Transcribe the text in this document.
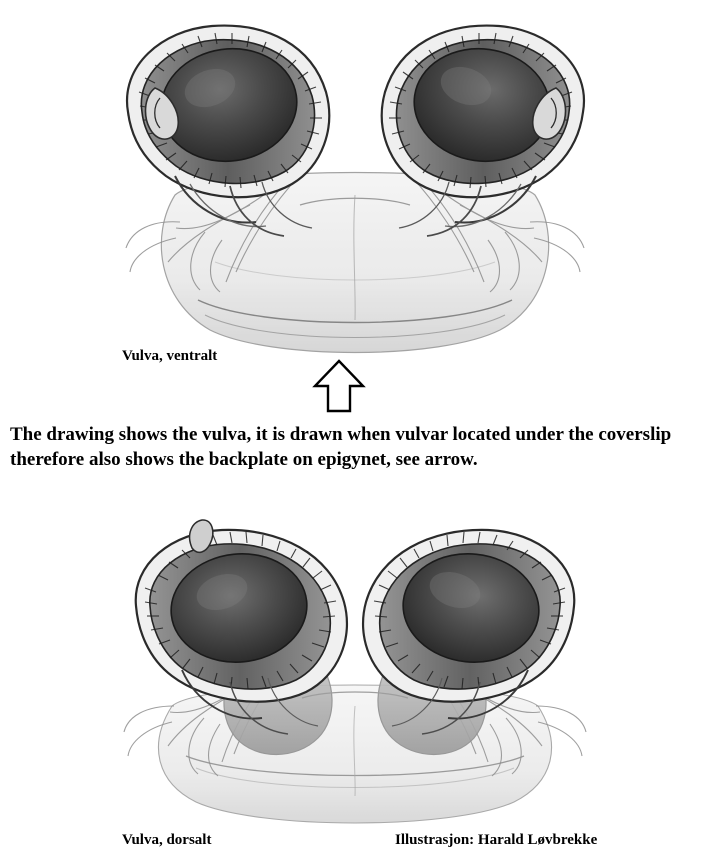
Vulva, ventralt
The drawing shows the vulva, it is drawn when vulvar located under the coverslip therefore also shows the backplate on epigynet, see arrow.
Vulva, dorsalt	Illustrasjon: Harald Løvbrekke
